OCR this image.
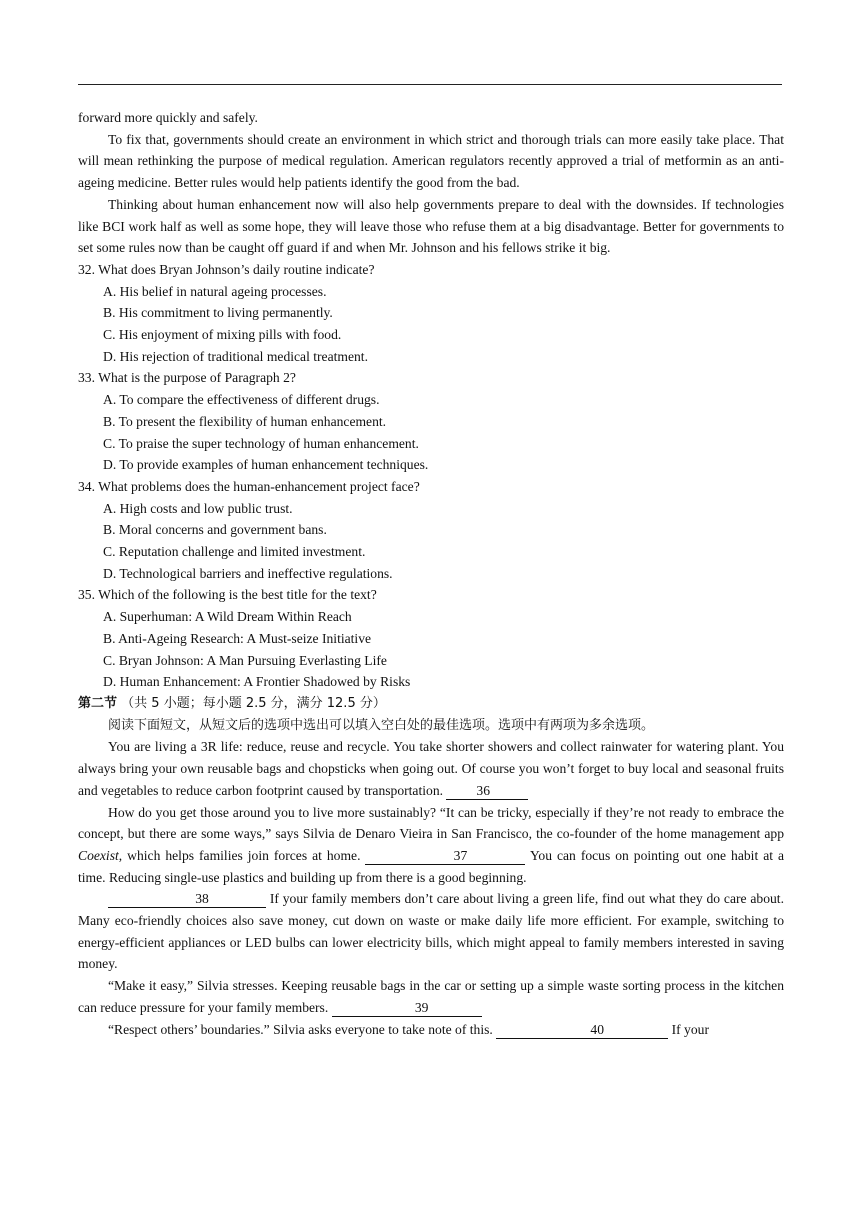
forward more quickly and safely.

To fix that, governments should create an environment in which strict and thorough trials can more easily take place. That will mean rethinking the purpose of medical regulation. American regulators recently approved a trial of metformin as an anti-ageing medicine. Better rules would help patients identify the good from the bad.

Thinking about human enhancement now will also help governments prepare to deal with the downsides. If technologies like BCI work half as well as some hope, they will leave those who refuse them at a big disadvantage. Better for governments to set some rules now than be caught off guard if and when Mr. Johnson and his fellows strike it big.

32. What does Bryan Johnson’s daily routine indicate?

A. His belief in natural ageing processes.

B. His commitment to living permanently.

C. His enjoyment of mixing pills with food.

D. His rejection of traditional medical treatment.

33. What is the purpose of Paragraph 2?

A. To compare the effectiveness of different drugs.

B. To present the flexibility of human enhancement.

C. To praise the super technology of human enhancement.

D. To provide examples of human enhancement techniques.

34. What problems does the human-enhancement project face?

A. High costs and low public trust.

B. Moral concerns and government bans.

C. Reputation challenge and limited investment.

D. Technological barriers and ineffective regulations.

35. Which of the following is the best title for the text?

A. Superhuman: A Wild Dream Within Reach

B. Anti-Ageing Research: A Must-seize Initiative

C. Bryan Johnson: A Man Pursuing Everlasting Life

D. Human Enhancement: A Frontier Shadowed by Risks

第二节 （共 5 小题；每小题 2.5 分，满分 12.5 分）

阅读下面短文，从短文后的选项中选出可以填入空白处的最佳选项。选项中有两项为多余选项。

You are living a 3R life: reduce, reuse and recycle. You take shorter showers and collect rainwater for watering plant. You always bring your own reusable bags and chopsticks when going out. Of course you won’t forget to buy local and seasonal fruits and vegetables to reduce carbon footprint caused by transportation. 36

How do you get those around you to live more sustainably? “It can be tricky, especially if they’re not ready to embrace the concept, but there are some ways,” says Silvia de Denaro Vieira in San Francisco, the co-founder of the home management app Coexist, which helps families join forces at home.	37	You can focus on pointing out one habit at a time. Reducing single-use plastics and building up from there is a good beginning.

38	If your family members don’t care about living a green life, find out what they do care about. Many eco-friendly choices also save money, cut down on waste or make daily life more efficient. For example, switching to energy-efficient appliances or LED bulbs can lower electricity bills, which might appeal to family members interested in saving money.

“Make it easy,” Silvia stresses. Keeping reusable bags in the car or setting up a simple waste sorting process in the kitchen can reduce pressure for your family members.	39

“Respect others’ boundaries.” Silvia asks everyone to take note of this.	40	If your
